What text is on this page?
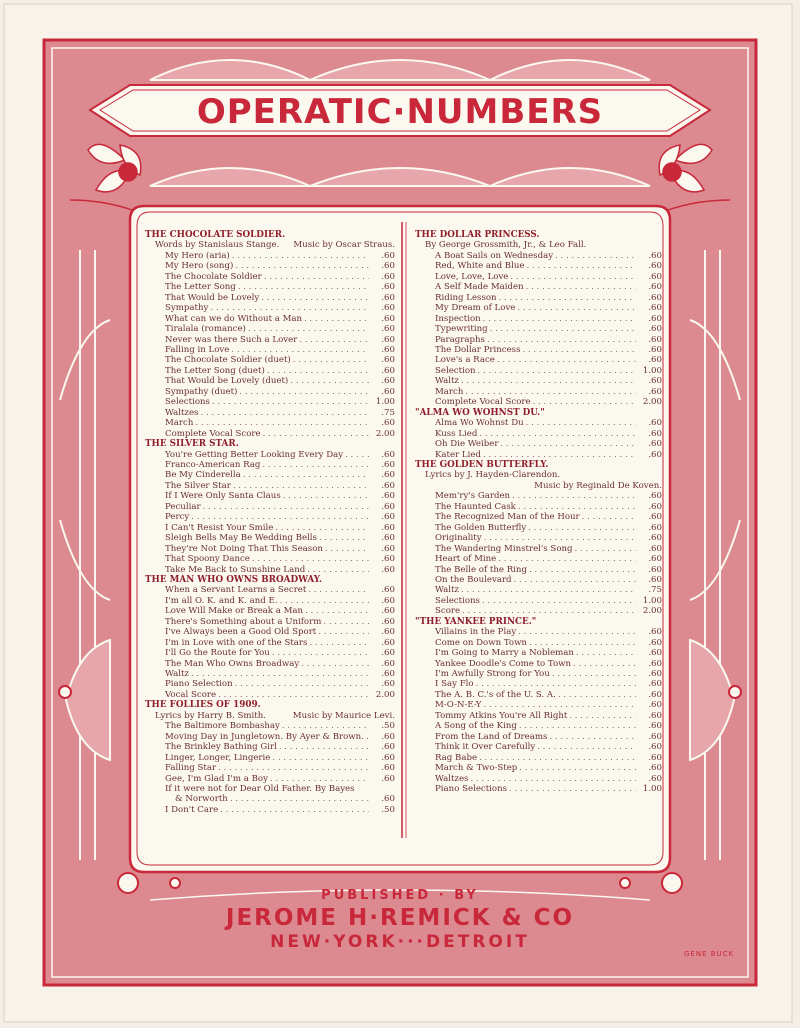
OPERATIC·NUMBERS
THE CHOCOLATE SOLDIER.
Words by Stanislaus Stange. Music by Oscar Straus.
My Hero (aria) . . .	.60
My Hero (song) . . .	.60
The Chocolate Soldier . . .	.60
The Letter Song . . .	.60
That Would be Lovely . . .	.60
Sympathy . . .	.60
What can we do Without a Man . . .	.60
Tiralala (romance) . . .	.60
Never was there Such a Lover . . .	.60
Falling in Love . . .	.60
The Chocolate Soldier (duet) . . .	.60
The Letter Song (duet) . . .	.60
That Would be Lovely (duet) . . .	.60
Sympathy (duet) . . .	.60
Selections . . .	1.00
Waltzes . . .	.75
March . . .	.60
Complete Vocal Score . . .	2.00
THE SILVER STAR.
You're Getting Better Looking Every Day . . .	.60
Franco-American Rag . . .	.60
Be My Cinderella . . .	.60
The Silver Star . . .	.60
If I Were Only Santa Claus . . .	.60
Peculiar . . .	.60
Percy . . .	.60
I Can't Resist Your Smile . . .	.60
Sleigh Bells May Be Wedding Bells . . .	.60
They're Not Doing That This Season . . .	.60
That Spoony Dance . . .	.60
Take Me Back to Sunshine Land . . .	.60
THE MAN WHO OWNS BROADWAY.
When a Servant Learns a Secret . . .	.60
I'm all O. K. and K. and E. . . .	.60
Love Will Make or Break a Man . . .	.60
There's Something about a Uniform . . .	.60
I've Always been a Good Old Sport . . .	.60
I'm in Love with one of the Stars . . .	.60
I'll Go the Route for You . . .	.60
The Man Who Owns Broadway . . .	.60
Waltz . . .	.60
Piano Selection . . .	.60
Vocal Score . . .	2.00
THE FOLLIES OF 1909.
Lyrics by Harry B. Smith.	Music by Maurice Levi.
The Baltimore Bombashay . . .	.50
Moving Day in Jungletown. By Ayer & Brown. . . .	.60
The Brinkley Bathing Girl . . .	.60
Linger, Longer, Lingerie . . .	.60
Falling Star . . .	.60
Gee, I'm Glad I'm a Boy . . .	.60
If it were not for Dear Old Father. By Bayes
& Norworth . . .	.60
I Don't Care . . .	.50
THE DOLLAR PRINCESS.
By George Grossmith, Jr., & Leo Fall.
A Boat Sails on Wednesday . . .	.60
Red, White and Blue . . .	.60
Love, Love, Love . . .	.60
A Self Made Maiden . . .	.60
Riding Lesson . . .	.60
My Dream of Love . . .	.60
Inspection . . .	.60
Typewriting . . .	.60
Paragraphs . . .	.60
The Dollar Princess . . .	.60
Love's a Race . . .	.60
Selection . . .	1.00
Waltz . . .	.60
March . . .	.60
Complete Vocal Score . . .	2.00
"ALMA WO WOHNST DU."
Alma Wo Wohnst Du . . .	.60
Kuss Lied . . .	.60
Oh Die Weiber . . .	.60
Kater Lied . . .	.60
THE GOLDEN BUTTERFLY.
Lyrics by J. Hayden-Clarendon.
Music by Reginald De Koven.
Mem'ry's Garden . . .	.60
The Haunted Cask . . .	.60
The Recognized Man of the Hour . . .	.60
The Golden Butterfly . . .	.60
Originality . . .	.60
The Wandering Minstrel's Song . . .	.60
Heart of Mine . . .	.60
The Belle of the Ring . . .	.60
On the Boulevard . . .	.60
Waltz . . .	.75
Selections . . .	1.00
Score . . .	2.00
"THE YANKEE PRINCE."
Villains in the Play . . .	.60
Come on Down Town . . .	.60
I'm Going to Marry a Nobleman . . .	.60
Yankee Doodle's Come to Town . . .	.60
I'm Awfully Strong for You . . .	.60
I Say Flo . . .	.60
The A. B. C.'s of the U. S. A. . . .	.60
M-O-N-E-Y . . .	.60
Tommy Atkins You're All Right . . .	.60
A Song of the King . . .	.60
From the Land of Dreams . . .	.60
Think it Over Carefully . . .	.60
Rag Babe . . .	.60
March & Two-Step . . .	.60
Waltzes . . .	.60
Piano Selections . . .	1.00
PUBLISHED · BY
JEROME H·REMICK & CO
NEW·YORK···DETROIT
GENE BUCK
